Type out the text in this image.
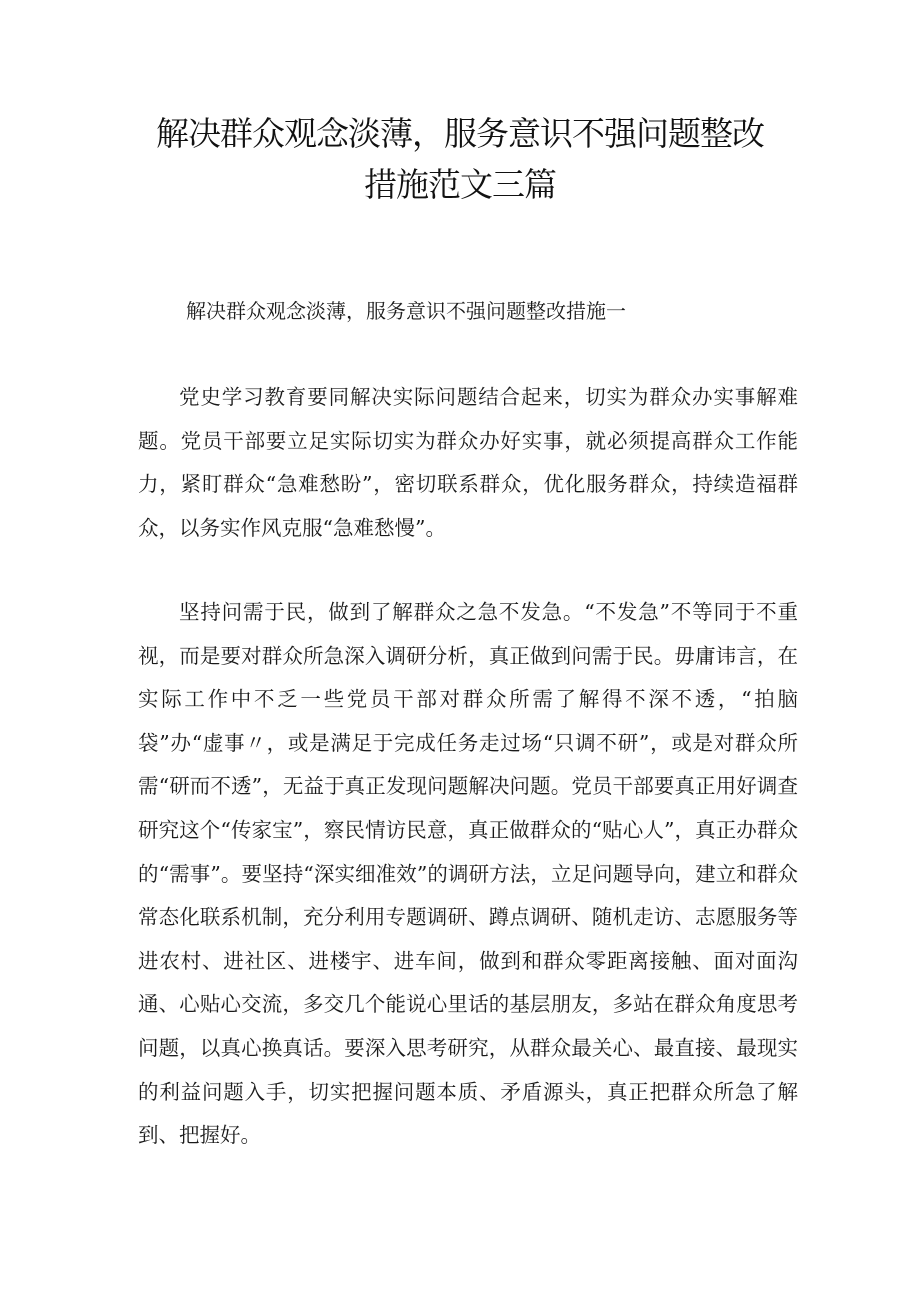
解决群众观念淡薄，服务意识不强问题整改
措施范文三篇

解决群众观念淡薄，服务意识不强问题整改措施一

党史学习教育要同解决实际问题结合起来，切实为群众办实事解难题。党员干部要立足实际切实为群众办好实事，就必须提高群众工作能力，紧盯群众“急难愁盼”，密切联系群众，优化服务群众，持续造福群众，以务实作风克服“急难愁慢”。

坚持问需于民，做到了解群众之急不发急。“不发急”不等同于不重视，而是要对群众所急深入调研分析，真正做到问需于民。毋庸讳言，在实际工作中不乏一些党员干部对群众所需了解得不深不透，“拍脑袋”办“虚事〃，或是满足于完成任务走过场“只调不研”，或是对群众所需“研而不透”，无益于真正发现问题解决问题。党员干部要真正用好调查研究这个“传家宝”，察民情访民意，真正做群众的“贴心人”，真正办群众的“需事”。要坚持“深实细准效”的调研方法，立足问题导向，建立和群众常态化联系机制，充分利用专题调研、蹲点调研、随机走访、志愿服务等进农村、进社区、进楼宇、进车间，做到和群众零距离接触、面对面沟通、心贴心交流，多交几个能说心里话的基层朋友，多站在群众角度思考问题，以真心换真话。要深入思考研究，从群众最关心、最直接、最现实的利益问题入手，切实把握问题本质、矛盾源头，真正把群众所急了解到、把握好。
